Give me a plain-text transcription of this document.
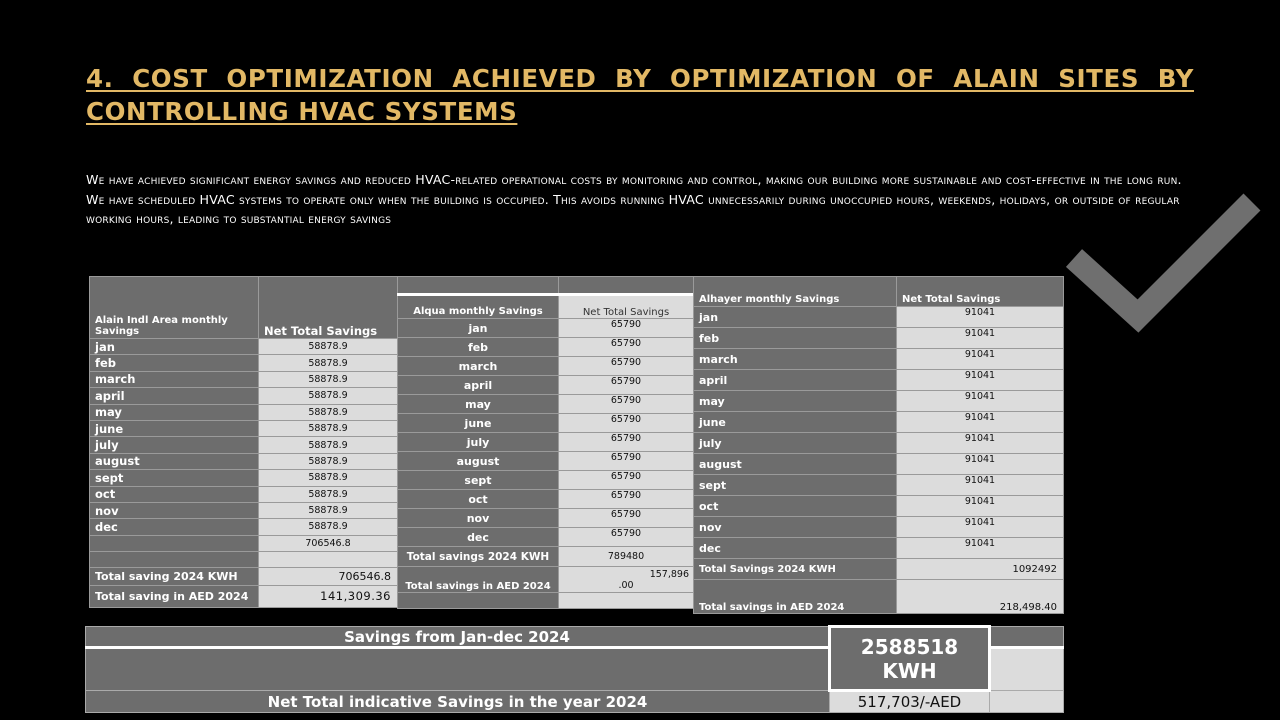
4. COST OPTIMIZATION ACHIEVED BY OPTIMIZATION OF ALAIN SITES BY CONTROLLING HVAC SYSTEMS
We have achieved significant energy savings and reduced HVAC-related operational costs by monitoring and control, making our building more sustainable and cost-effective in the long run. We have scheduled HVAC systems to operate only when the building is occupied. This avoids running HVAC unnecessarily during unoccupied hours, weekends, holidays, or outside of regular working hours, leading to substantial energy savings
Alain Indl Area monthly Savings	Net Total Savings
jan	58878.9
feb	58878.9
march	58878.9
april	58878.9
may	58878.9
june	58878.9
july	58878.9
august	58878.9
sept	58878.9
oct	58878.9
nov	58878.9
dec	58878.9
	706546.8

Total saving 2024 KWH	706546.8
Total saving in AED 2024	141,309.36

Alqua monthly Savings	Net Total Savings
jan	65790
feb	65790
march	65790
april	65790
may	65790
june	65790
july	65790
august	65790
sept	65790
oct	65790
nov	65790
dec	65790
Total savings 2024 KWH	789480
Total savings in AED 2024	157,896
.00

Alhayer monthly Savings	Net Total Savings
jan	91041
feb	91041
march	91041
april	91041
may	91041
june	91041
july	91041
august	91041
sept	91041
oct	91041
nov	91041
dec	91041
Total Savings 2024 KWH	1092492
Total savings in AED 2024	218,498.40
Savings from Jan-dec 2024	2588518
KWH	

Net Total indicative Savings in the year 2024	517,703/-AED	
